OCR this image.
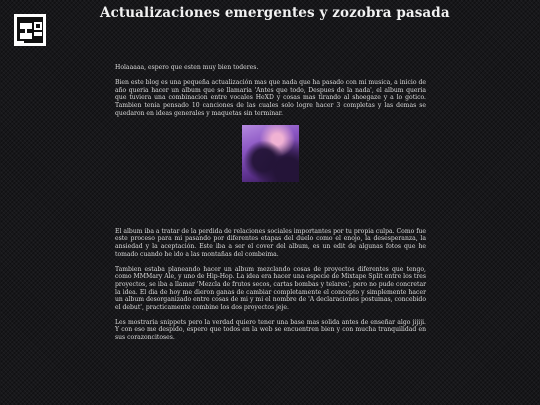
Actualizaciones emergentes y zozobra pasada

Holaaaaa, espero que esten muy bien toderes.

Bien este blog es una pequeña actualización mas que nada que ha pasado con mi musica, a inicio de año queria hacer un album que se llamaria 'Antes que todo, Despues de la nada', el album queria que tuviera una combinacion entre vocales HeXD y cosas mas tirando al shoegaze y a lo gotico. Tambien tenia pensado 10 canciones de las cuales solo logre hacer 3 completas y las demas se quedaron en ideas generales y maquetas sin terminar.

El album iba a tratar de la perdida de relaciones sociales importantes por tu propia culpa. Como fue este proceso para mi pasando por diferentes etapas del duelo como el enojo, la desesperanza, la ansiedad y la aceptación. Este iba a ser el cover del album, es un edit de algunas fotos que he tomado cuando he ido a las montañas del combeima.

Tambien estaba planeando hacer un album mezclando cosas de proyectos diferentes que tengo, como MMMary Ale, y uno de Hip-Hop. La idea era hacer una especie de Mixtape Split entre los tres proyectos, se iba a llamar 'Mezcla de frutos secos, cartas bombas y telares', pero no pude concretar la idea. El dia de hoy me dieron ganas de cambiar completamente el concepto y simplemente hacer un album desorganizado entre cosas de mi y mi el nombre de 'A declaraciones postumas, concebido el debut', practicamente combine los dos proyectos jeje.

Les mostraria snippets pero la verdad quiero tener una base mas solida antes de enseñar algo jijiji. Y con eso me despido, espero que todos en la web se encuentren bien y con mucha tranquilidad en sus corazoncitoses.
